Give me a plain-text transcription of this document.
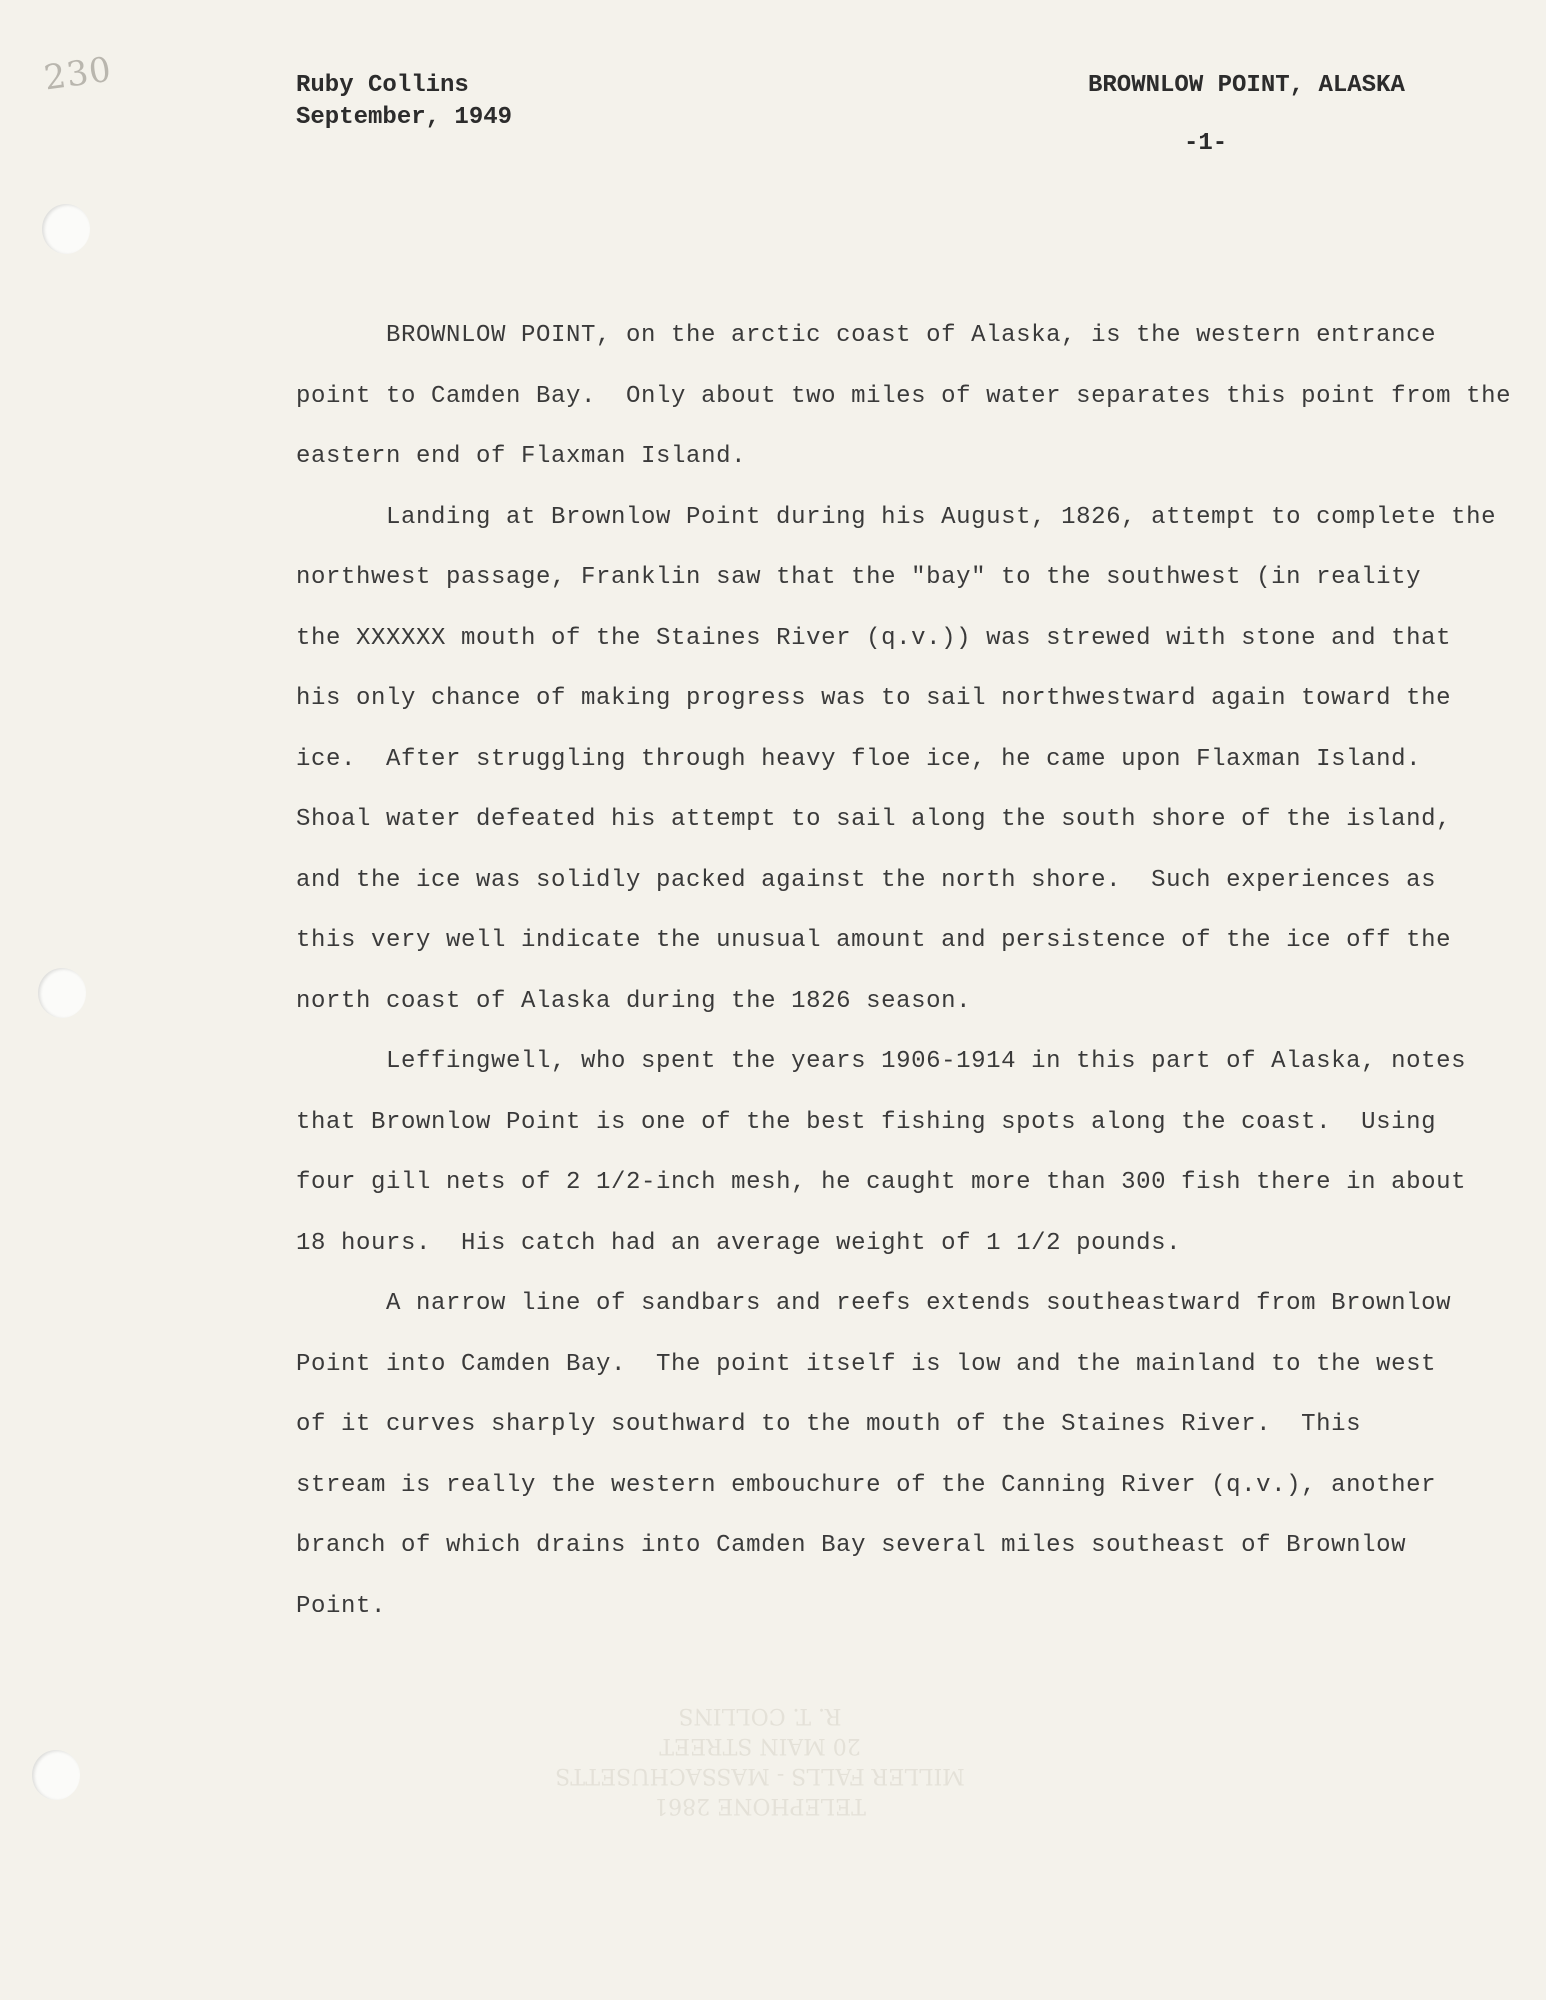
230	Ruby Collins
September, 1949
BROWNLOW POINT, ALASKA
-1-
BROWNLOW POINT, on the arctic coast of Alaska, is the western entrance
point to Camden Bay.  Only about two miles of water separates this point from the
eastern end of Flaxman Island.
Landing at Brownlow Point during his August, 1826, attempt to complete the
northwest passage, Franklin saw that the "bay" to the southwest (in reality
the XXXXXX mouth of the Staines River (q.v.)) was strewed with stone and that
his only chance of making progress was to sail northwestward again toward the
ice.  After struggling through heavy floe ice, he came upon Flaxman Island.
Shoal water defeated his attempt to sail along the south shore of the island,
and the ice was solidly packed against the north shore.  Such experiences as
this very well indicate the unusual amount and persistence of the ice off the
north coast of Alaska during the 1826 season.
Leffingwell, who spent the years 1906-1914 in this part of Alaska, notes
that Brownlow Point is one of the best fishing spots along the coast.  Using
four gill nets of 2 1/2-inch mesh, he caught more than 300 fish there in about
18 hours.  His catch had an average weight of 1 1/2 pounds.
A narrow line of sandbars and reefs extends southeastward from Brownlow
Point into Camden Bay.  The point itself is low and the mainland to the west
of it curves sharply southward to the mouth of the Staines River.  This
stream is really the western embouchure of the Canning River (q.v.), another
branch of which drains into Camden Bay several miles southeast of Brownlow
Point.
TELEPHONE 2861
MILLER FALLS - MASSACHUSETTS
20 MAIN STREET
R. T. COLLINS
